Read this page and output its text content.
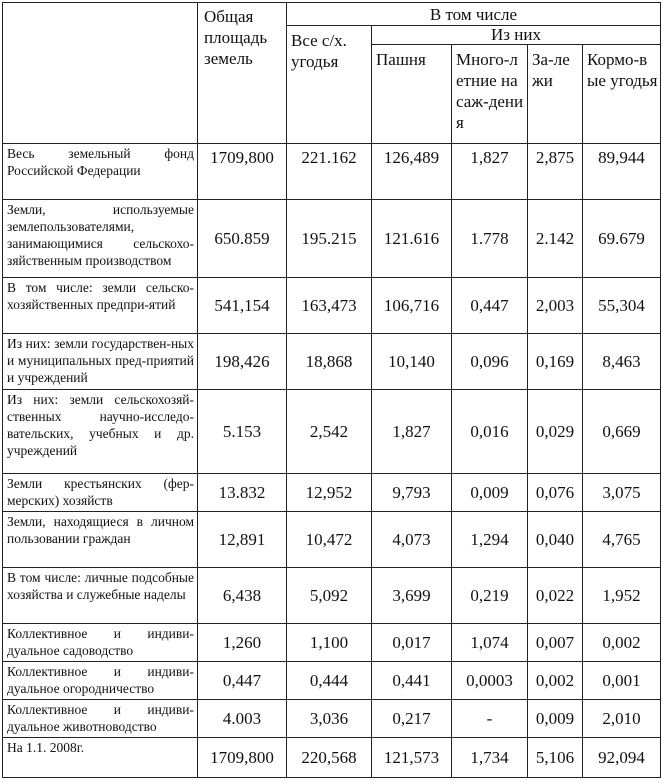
	Общая площадь земель	В том числе				
		Все с/х. угодья	Из них			
			Пашня	Много-летние насаж-дения	За-лежи	Кормо-вые угодья
Весь земельный фонд Российской Федерации	1709,800	221.162	126,489	1,827	2,875	89,944
Земли, используемые землепользователями, занимающимися сельскохо-зяйственным производством	650.859	195.215	121.616	1.778	2.142	69.679
В том числе: земли сельско-хозяйственных предпри-ятий	541,154	163,473	106,716	0,447	2,003	55,304
Из них: земли государствен-ных и муниципальных пред-приятий и учреждений	198,426	18,868	10,140	0,096	0,169	8,463
Из них: земли сельскохозяй-ственных научно-исследо-вательских, учебных и др. учреждений	5.153	2,542	1,827	0,016	0,029	0,669
Земли крестьянских (фер-мерских) хозяйств	13.832	12,952	9,793	0,009	0,076	3,075
Земли, находящиеся в личном пользовании граждан	12,891	10,472	4,073	1,294	0,040	4,765
В том числе: личные подсобные хозяйства и служебные наделы	6,438	5,092	3,699	0,219	0,022	1,952
Коллективное и индиви-дуальное садоводство	1,260	1,100	0,017	1,074	0,007	0,002
Коллективное и индиви-дуальное огородничество	0,447	0,444	0,441	0,0003	0,002	0,001
Коллективное и индиви-дуальное животноводство	4.003	3,036	0,217	-	0,009	2,010
На 1.1. 2008г.	1709,800	220,568	121,573	1,734	5,106	92,094
